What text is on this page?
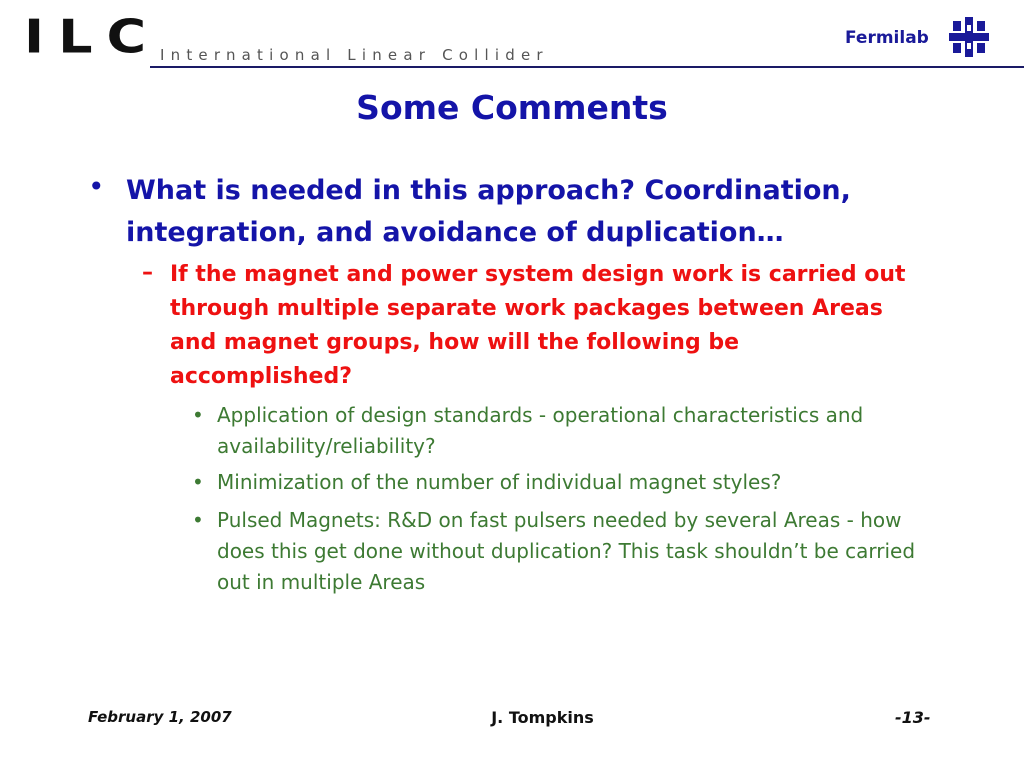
ILC International Linear Collider
Fermilab
Some Comments
• What is needed in this approach? Coordination, integration, and avoidance of duplication…
– If the magnet and power system design work is carried out through multiple separate work packages between Areas and magnet groups, how will the following be accomplished?
• Application of design standards - operational characteristics and availability/reliability?
• Minimization of the number of individual magnet styles?
• Pulsed Magnets: R&D on fast pulsers needed by several Areas - how does this get done without duplication? This task shouldn’t be carried out in multiple Areas
February 1, 2007	J. Tompkins	-13-
